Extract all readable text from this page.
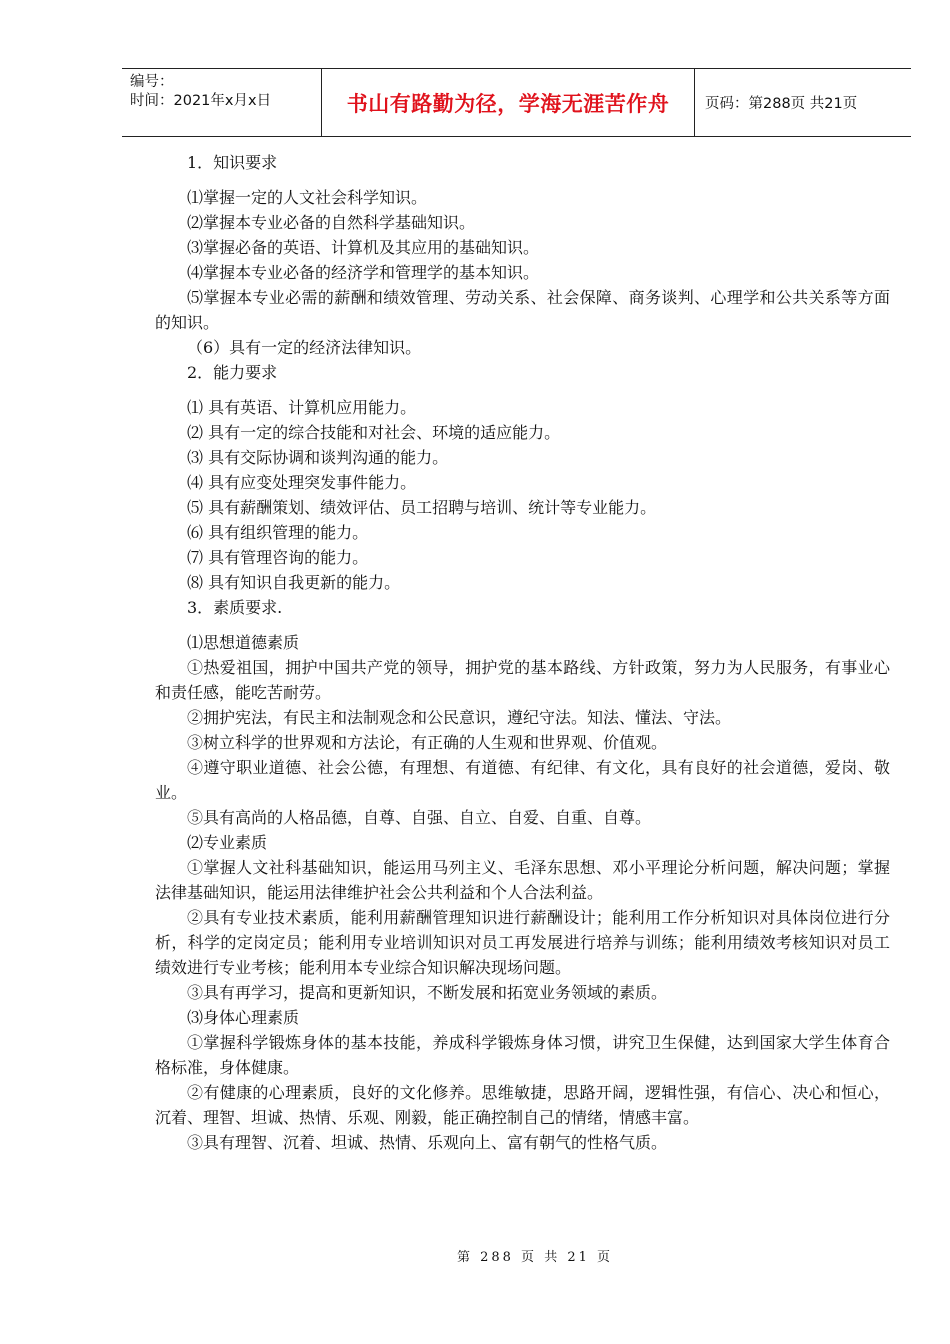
编号：
时间：2021年x月x日	书山有路勤为径，学海无涯苦作舟	页码：第288页 共21页

1．知识要求

⑴掌握一定的人文社会科学知识。

⑵掌握本专业必备的自然科学基础知识。

⑶掌握必备的英语、计算机及其应用的基础知识。

⑷掌握本专业必备的经济学和管理学的基本知识。

⑸掌握本专业必需的薪酬和绩效管理、劳动关系、社会保障、商务谈判、心理学和公共关系等方面的知识。

（6）具有一定的经济法律知识。

2．能力要求

⑴ 具有英语、计算机应用能力。

⑵ 具有一定的综合技能和对社会、环境的适应能力。

⑶ 具有交际协调和谈判沟通的能力。

⑷ 具有应变处理突发事件能力。

⑸ 具有薪酬策划、绩效评估、员工招聘与培训、统计等专业能力。

⑹ 具有组织管理的能力。

⑺ 具有管理咨询的能力。

⑻ 具有知识自我更新的能力。

3．素质要求.

⑴思想道德素质

①热爱祖国，拥护中国共产党的领导，拥护党的基本路线、方针政策，努力为人民服务，有事业心和责任感，能吃苦耐劳。

②拥护宪法，有民主和法制观念和公民意识，遵纪守法。知法、懂法、守法。

③树立科学的世界观和方法论，有正确的人生观和世界观、价值观。

④遵守职业道德、社会公德，有理想、有道德、有纪律、有文化，具有良好的社会道德，爱岗、敬业。

⑤具有高尚的人格品德，自尊、自强、自立、自爱、自重、自尊。

⑵专业素质

①掌握人文社科基础知识，能运用马列主义、毛泽东思想、邓小平理论分析问题，解决问题；掌握法律基础知识，能运用法律维护社会公共利益和个人合法利益。

②具有专业技术素质，能利用薪酬管理知识进行薪酬设计；能利用工作分析知识对具体岗位进行分析，科学的定岗定员；能利用专业培训知识对员工再发展进行培养与训练；能利用绩效考核知识对员工绩效进行专业考核；能利用本专业综合知识解决现场问题。

③具有再学习，提高和更新知识，不断发展和拓宽业务领域的素质。

⑶身体心理素质

①掌握科学锻炼身体的基本技能，养成科学锻炼身体习惯，讲究卫生保健，达到国家大学生体育合格标准，身体健康。

②有健康的心理素质，良好的文化修养。思维敏捷，思路开阔，逻辑性强，有信心、决心和恒心，沉着、理智、坦诚、热情、乐观、刚毅，能正确控制自己的情绪，情感丰富。

③具有理智、沉着、坦诚、热情、乐观向上、富有朝气的性格气质。

第 288 页 共 21 页
